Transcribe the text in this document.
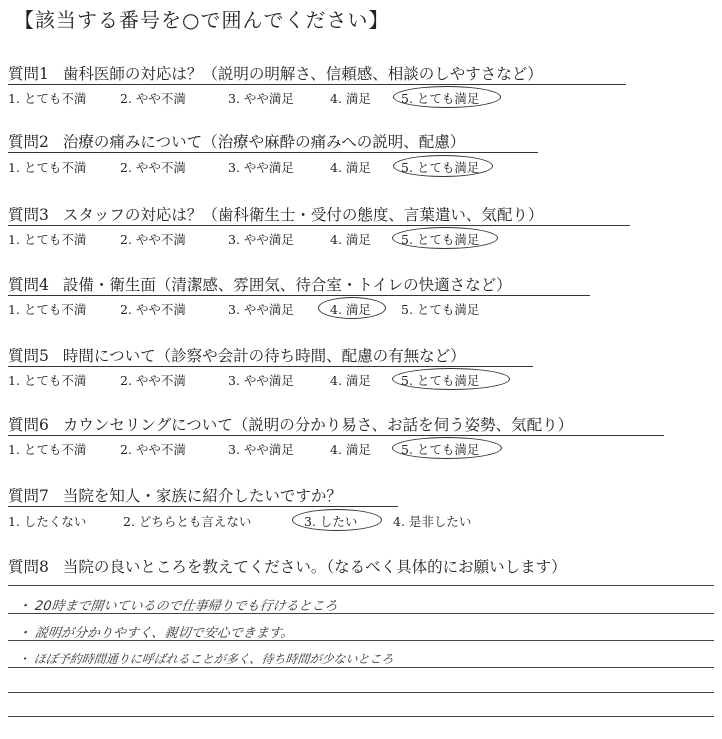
【該当する番号を○で囲んでください】
質問1 歯科医師の対応は？（説明の明解さ、信頼感、相談のしやすさなど）
1. とても不満	2. やや不満	3. やや満足	4. 満足 5. とても満足
質問2 治療の痛みについて（治療や麻酔の痛みへの説明、配慮）
1. とても不満	2. やや不満	3. やや満足	4. 満足 5. とても満足
質問3 スタッフの対応は？（歯科衛生士・受付の態度、言葉遣い、気配り）
1. とても不満	2. やや不満	3. やや満足	4. 満足 5. とても満足
質問4 設備・衛生面（清潔感、雰囲気、待合室・トイレの快適さなど）
1. とても不満	2. やや不満	3. やや満足	4. 満足 5. とても満足
質問5 時間について（診察や会計の待ち時間、配慮の有無など）
1. とても不満	2. やや不満	3. やや満足	4. 満足 5. とても満足
質問6 カウンセリングについて（説明の分かり易さ、お話を伺う姿勢、気配り）
1. とても不満	2. やや不満	3. やや満足	4. 満足 5. とても満足
質問7 当院を知人・家族に紹介したいですか？
1. したくない	2. どちらとも言えない	3. したい	4. 是非したい
質問8 当院の良いところを教えてください。（なるべく具体的にお願いします）
・ 20時まで開いているので仕事帰りでも行けるところ
・ 説明が分かりやすく、親切で安心できます。
・ ほぼ予約時間通りに呼ばれることが多く、待ち時間が少ないところ
